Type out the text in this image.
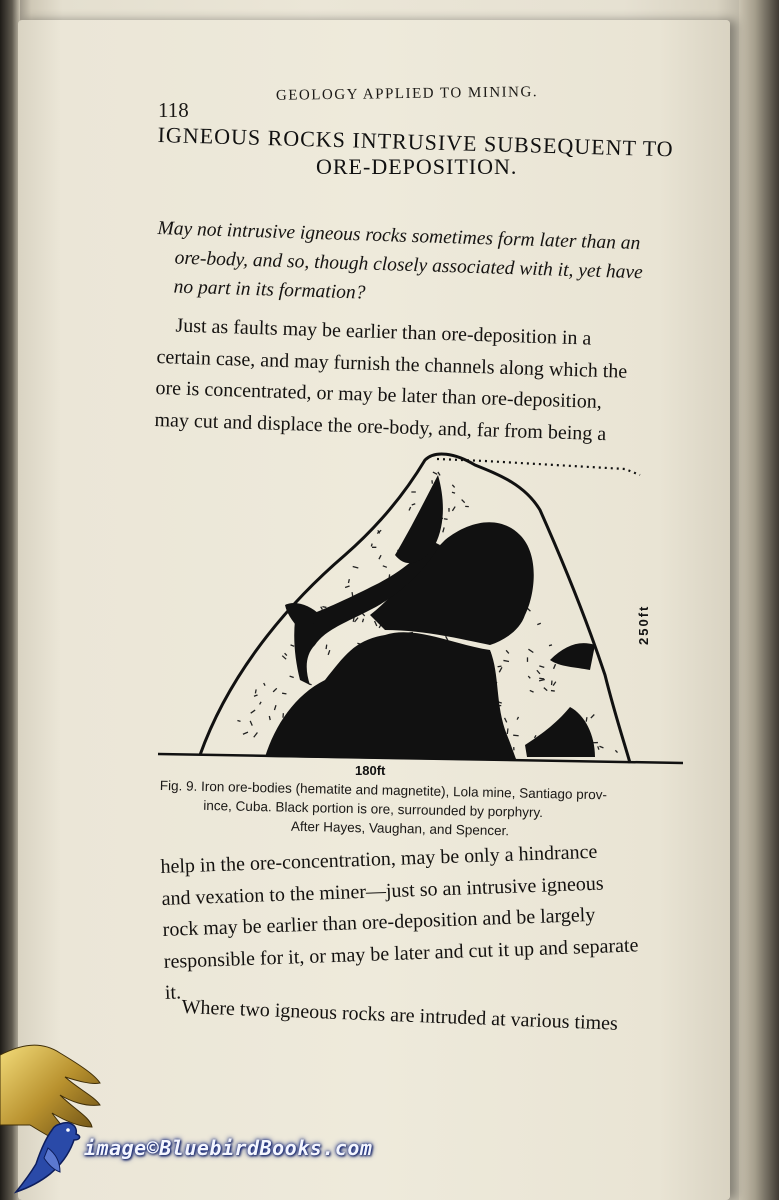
118
GEOLOGY APPLIED TO MINING.
IGNEOUS ROCKS INTRUSIVE SUBSEQUENT TO
ORE-DEPOSITION.
May not intrusive igneous rocks sometimes form later than an
ore-body, and so, though closely associated with it, yet have
no part in its formation?
Just as faults may be earlier than ore-deposition in a
certain case, and may furnish the channels along which the
ore is concentrated, or may be later than ore-deposition,
may cut and displace the ore-body, and, far from being a
250ft
180ft
Fig. 9. Iron ore-bodies (hematite and magnetite), Lola mine, Santiago prov-
ince, Cuba. Black portion is ore, surrounded by porphyry.
After Hayes, Vaughan, and Spencer.
help in the ore-concentration, may be only a hindrance
and vexation to the miner—just so an intrusive igneous
rock may be earlier than ore-deposition and be largely
responsible for it, or may be later and cut it up and separate
it.
Where two igneous rocks are intruded at various times
image©BluebirdBooks.com
